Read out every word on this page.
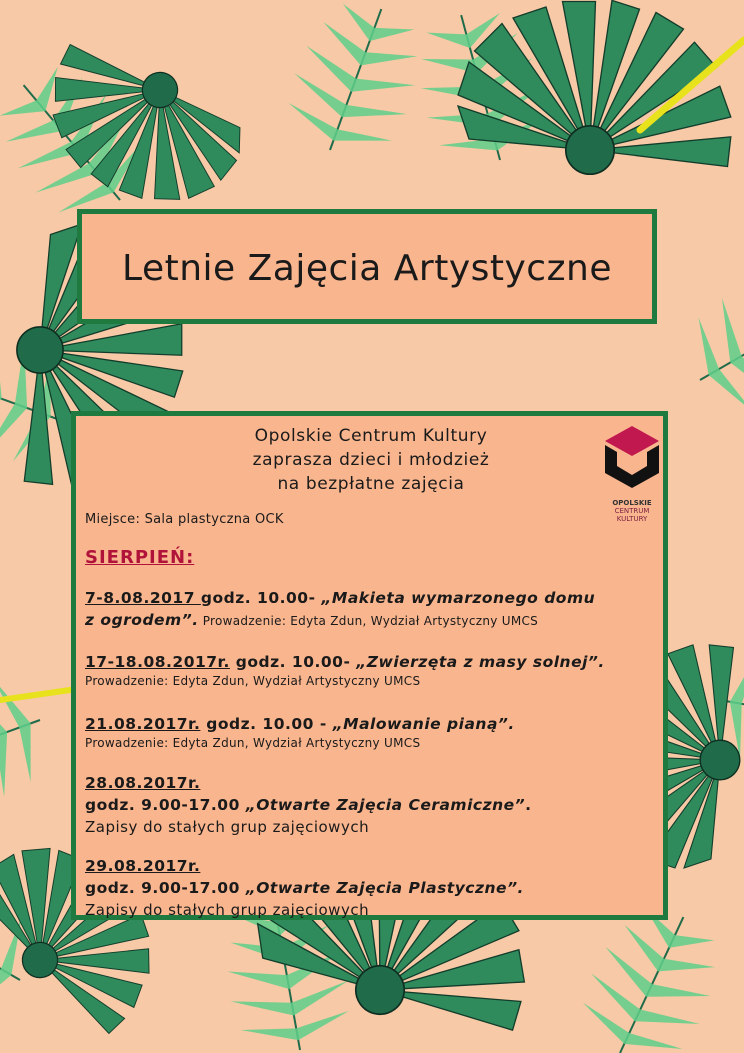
Letnie Zajęcia Artystyczne
Opolskie Centrum Kultury
zaprasza dzieci i młodzież
na bezpłatne zajęcia
OPOLSKIE
CENTRUM
KULTURY
Miejsce: Sala plastyczna OCK
SIERPIEŃ:
7-8.08.2017 godz. 10.00- „Makieta wymarzonego domu
z ogrodem”. Prowadzenie: Edyta Zdun, Wydział Artystyczny UMCS
17-18.08.2017r. godz. 10.00- „Zwierzęta z masy solnej”.
Prowadzenie: Edyta Zdun, Wydział Artystyczny UMCS
21.08.2017r. godz. 10.00 - „Malowanie pianą”.
Prowadzenie: Edyta Zdun, Wydział Artystyczny UMCS
28.08.2017r.
godz. 9.00-17.00 „Otwarte Zajęcia Ceramiczne”.
Zapisy do stałych grup zajęciowych
29.08.2017r.
godz. 9.00-17.00 „Otwarte Zajęcia Plastyczne”.
Zapisy do stałych grup zajęciowych
